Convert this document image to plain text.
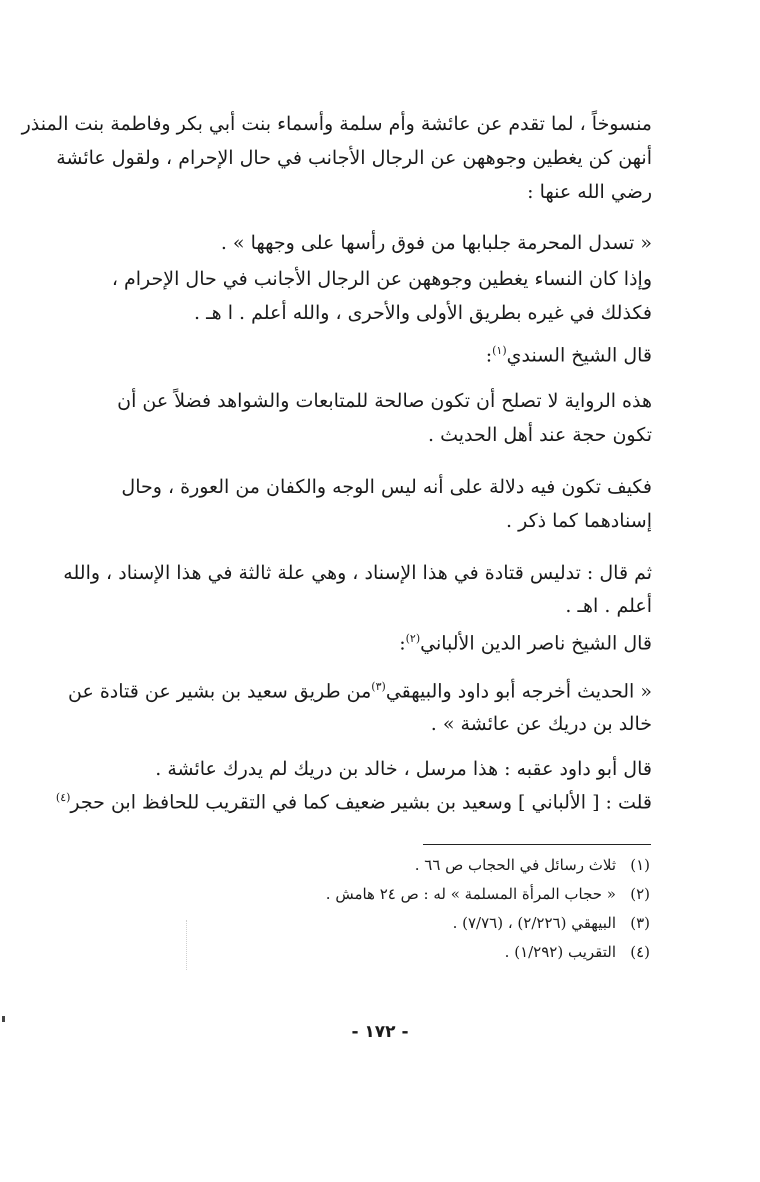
منسوخاً ، لما تقدم عن عائشة وأم سلمة وأسماء بنت أبي بكر وفاطمة بنت المنذر
أنهن كن يغطين وجوههن عن الرجال الأجانب في حال الإحرام ، ولقول عائشة
رضي الله عنها :
« تسدل المحرمة جلبابها من فوق رأسها على وجهها » .
وإذا كان النساء يغطين وجوههن عن الرجال الأجانب في حال الإحرام ،
فكذلك في غيره بطريق الأولى والأحرى ، والله أعلم . ا هـ .
قال الشيخ السندي$^{(١)}$:
هذه الرواية لا تصلح أن تكون صالحة للمتابعات والشواهد فضلاً عن أن
تكون حجة عند أهل الحديث .
فكيف تكون فيه دلالة على أنه ليس الوجه والكفان من العورة ، وحال
إسنادهما كما ذكر .
ثم قال : تدليس قتادة في هذا الإسناد ، وهي علة ثالثة في هذا الإسناد ، والله
أعلم . اهـ .
قال الشيخ ناصر الدين الألباني$^{(٢)}$:
« الحديث أخرجه أبو داود والبيهقي$^{(٣)}$من طريق سعيد بن بشير عن قتادة عن
خالد بن دريك عن عائشة » .
قال أبو داود عقبه : هذا مرسل ، خالد بن دريك لم يدرك عائشة .
قلت : [ الألباني ] وسعيد بن بشير ضعيف كما في التقريب للحافظ ابن حجر$^{(٤)}$
(١)ثلاث رسائل في الحجاب ص ٦٦ .
(٢)« حجاب المرأة المسلمة » له : ص ٢٤ هامش .
(٣)البيهقي (٢/٢٢٦) ، (٧/٧٦) .
(٤)التقريب (١/٢٩٢) .
- ١٧٢ -
